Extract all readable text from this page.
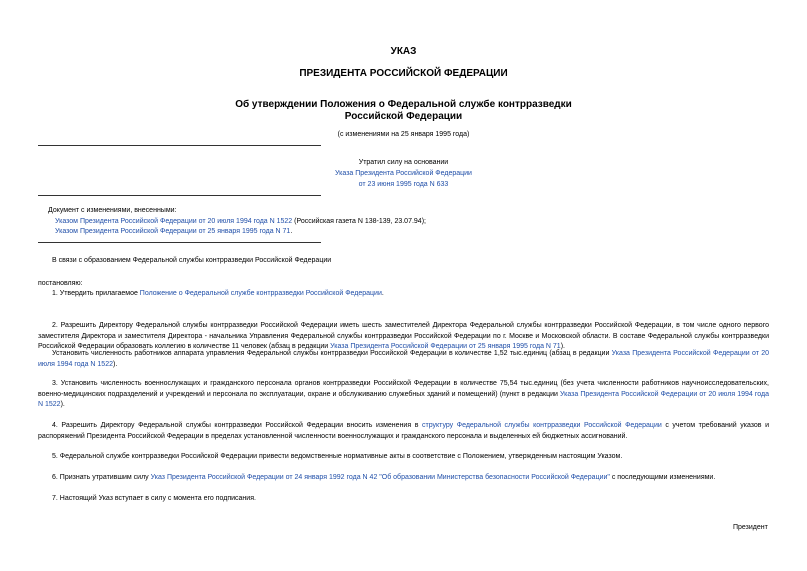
УКАЗ
ПРЕЗИДЕНТА РОССИЙСКОЙ ФЕДЕРАЦИИ
Об утверждении Положения о Федеральной службе контрразведки
Российской Федерации
(с изменениями на 25 января 1995 года)
Утратил силу на основании
Указа Президента Российской Федерации
от 23 июня 1995 года N 633
Документ с изменениями, внесенными:
Указом Президента Российской Федерации от 20 июля 1994 года N 1522 (Российская газета N 138-139, 23.07.94);
Указом Президента Российской Федерации от 25 января 1995 года N 71.

В связи с образованием Федеральной службы контрразведки Российской Федерации

постановляю:

1. Утвердить прилагаемое Положение о Федеральной службе контрразведки Российской Федерации.

2. Разрешить Директору Федеральной службы контрразведки Российской Федерации иметь шесть заместителей Директора Федеральной службы контрразведки Российской Федерации, в том числе одного первого заместителя Директора и заместителя Директора - начальника Управления Федеральной службы контрразведки Российской Федерации по г. Москве и Московской области. В составе Федеральной службы контрразведки Российской Федерации образовать коллегию в количестве 11 человек (абзац в редакции Указа Президента Российской Федерации от 25 января 1995 года N 71).

Установить численность работников аппарата управления Федеральной службы контрразведки Российской Федерации в количестве 1,52 тыс.единиц (абзац в редакции Указа Президента Российской Федерации от 20 июля 1994 года N 1522).

3. Установить численность военнослужащих и гражданского персонала органов контрразведки Российской Федерации в количестве 75,54 тыс.единиц (без учета численности работников научноисследовательских, военно-медицинских подразделений и учреждений и персонала по эксплуатации, охране и обслуживанию служебных зданий и помещений) (пункт в редакции Указа Президента Российской Федерации от 20 июля 1994 года N 1522).

4. Разрешить Директору Федеральной службы контрразведки Российской Федерации вносить изменения в структуру Федеральной службы контрразведки Российской Федерации с учетом требований указов и распоряжений Президента Российской Федерации в пределах установленной численности военнослужащих и гражданского персонала и выделенных ей бюджетных ассигнований.

5. Федеральной службе контрразведки Российской Федерации привести ведомственные нормативные акты в соответствие с Положением, утвержденным настоящим Указом.

6. Признать утратившим силу Указ Президента Российской Федерации от 24 января 1992 года N 42 "Об образовании Министерства безопасности Российской Федерации" с последующими изменениями.

7. Настоящий Указ вступает в силу с момента его подписания.

Президент
